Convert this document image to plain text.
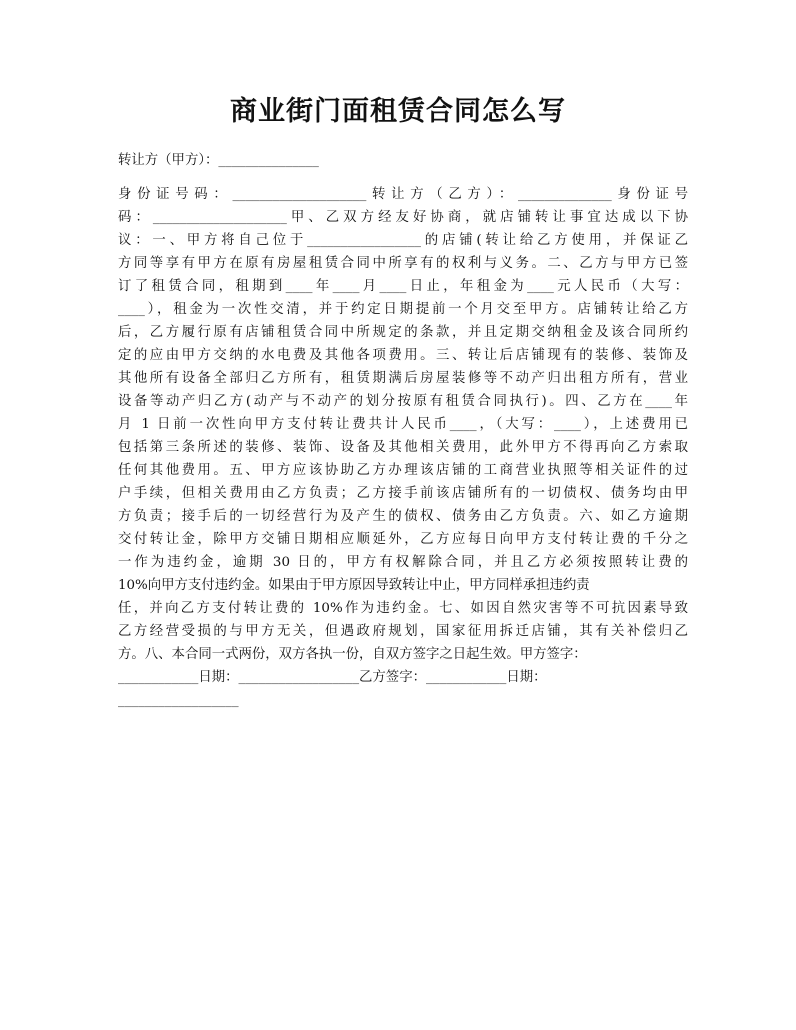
商业街门面租赁合同怎么写

转让方（甲方）：_______________

身份证号码：____________________转让方（乙方）：______________身份证号

码：____________________甲、乙双方经友好协商，就店铺转让事宜达成以下协

议：一、甲方将自己位于_________________的店铺(转让给乙方使用，并保证乙

方同等享有甲方在原有房屋租赁合同中所享有的权利与义务。二、乙方与甲方已签

订了租赁合同，租期到____年____月____日止，年租金为____元人民币（大写：

____），租金为一次性交清，并于约定日期提前一个月交至甲方。店铺转让给乙方

后，乙方履行原有店铺租赁合同中所规定的条款，并且定期交纳租金及该合同所约

定的应由甲方交纳的水电费及其他各项费用。三、转让后店铺现有的装修、装饰及

其他所有设备全部归乙方所有，租赁期满后房屋装修等不动产归出租方所有，营业

设备等动产归乙方(动产与不动产的划分按原有租赁合同执行)。四、乙方在____年

月 1 日前一次性向甲方支付转让费共计人民币____，（大写：____），上述费用已

包括第三条所述的装修、装饰、设备及其他相关费用，此外甲方不得再向乙方索取

任何其他费用。五、甲方应该协助乙方办理该店铺的工商营业执照等相关证件的过

户手续，但相关费用由乙方负责；乙方接手前该店铺所有的一切债权、债务均由甲

方负责；接手后的一切经营行为及产生的债权、债务由乙方负责。六、如乙方逾期

交付转让金，除甲方交铺日期相应顺延外，乙方应每日向甲方支付转让费的千分之

一作为违约金，逾期 30 日的，甲方有权解除合同，并且乙方必须按照转让费的

10%向甲方支付违约金。如果由于甲方原因导致转让中止，甲方同样承担违约责

任，并向乙方支付转让费的 10%作为违约金。七、如因自然灾害等不可抗因素导致

乙方经营受损的与甲方无关，但遇政府规划，国家征用拆迁店铺，其有关补偿归乙

方。八、本合同一式两份，双方各执一份，自双方签字之日起生效。甲方签字：

____________日期：__________________乙方签字：____________日期：

__________________
